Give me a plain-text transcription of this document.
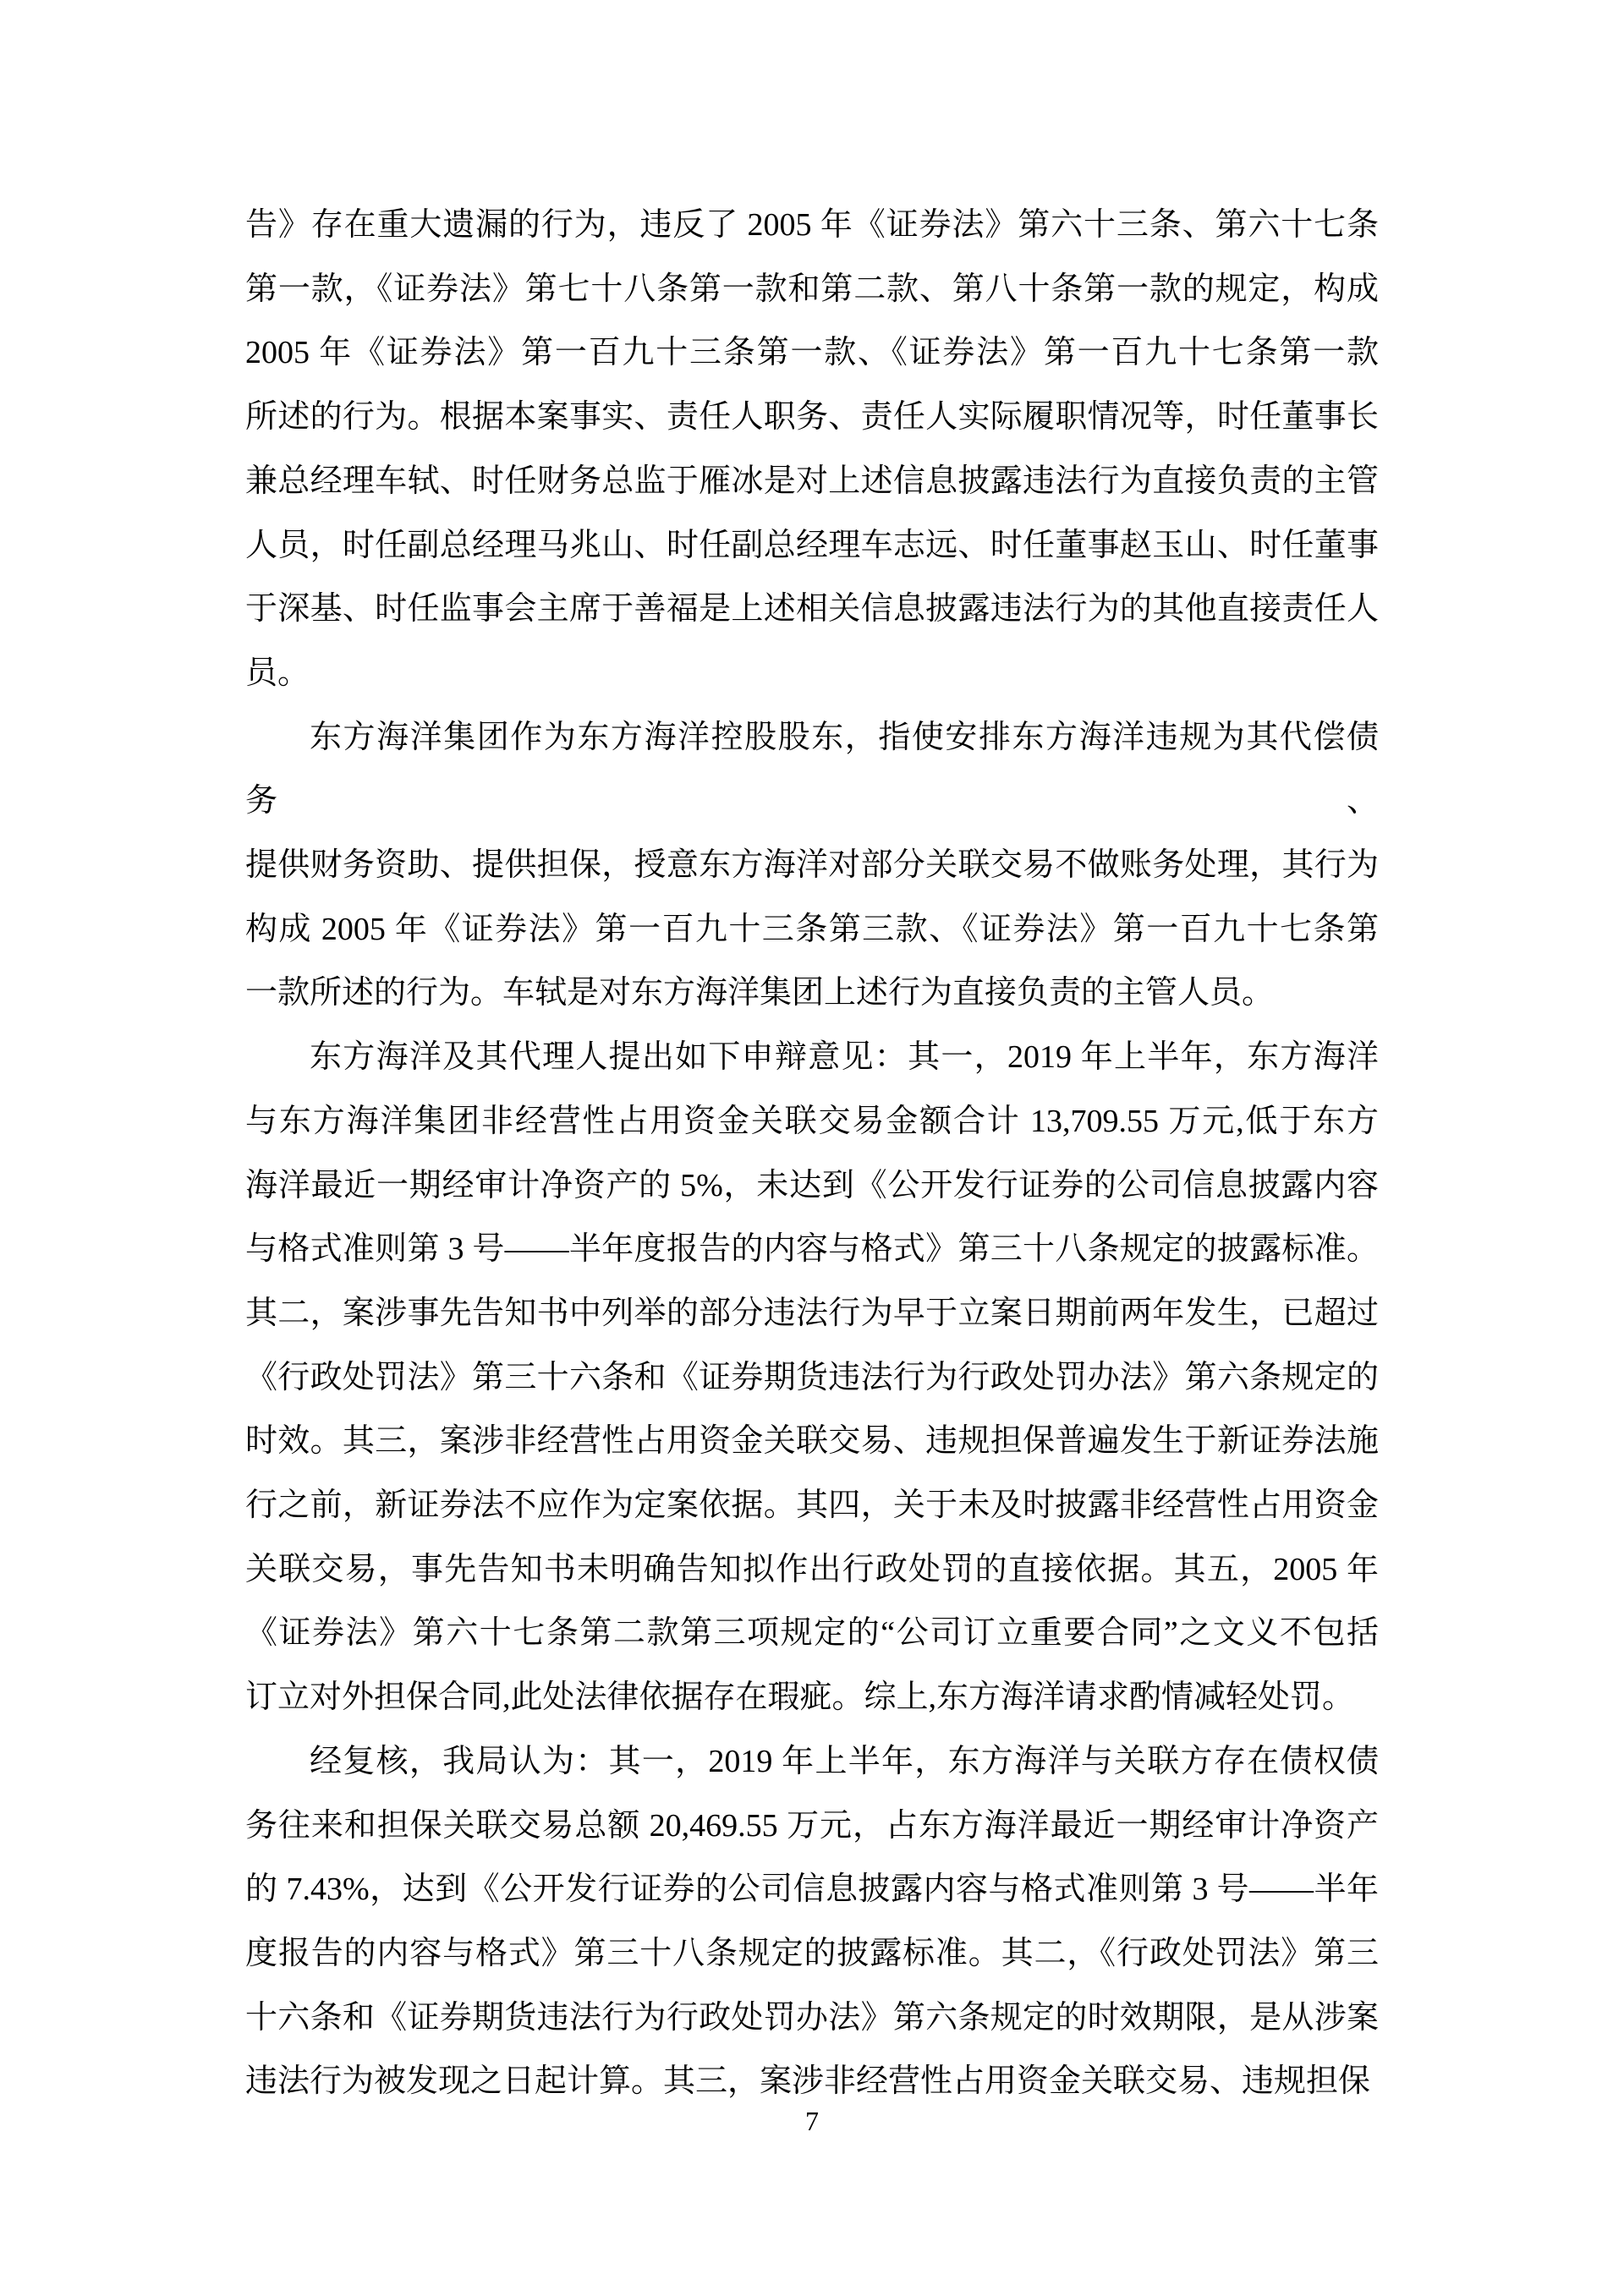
告》存在重大遗漏的行为，违反了 2005 年《证券法》第六十三条、第六十七条
第一款，《证券法》第七十八条第一款和第二款、第八十条第一款的规定，构成
2005 年《证券法》第一百九十三条第一款、《证券法》第一百九十七条第一款
所述的行为。根据本案事实、责任人职务、责任人实际履职情况等，时任董事长
兼总经理车轼、时任财务总监于雁冰是对上述信息披露违法行为直接负责的主管
人员，时任副总经理马兆山、时任副总经理车志远、时任董事赵玉山、时任董事
于深基、时任监事会主席于善福是上述相关信息披露违法行为的其他直接责任人
员。
东方海洋集团作为东方海洋控股股东，指使安排东方海洋违规为其代偿债务、
提供财务资助、提供担保，授意东方海洋对部分关联交易不做账务处理，其行为
构成 2005 年《证券法》第一百九十三条第三款、《证券法》第一百九十七条第
一款所述的行为。车轼是对东方海洋集团上述行为直接负责的主管人员。
东方海洋及其代理人提出如下申辩意见：其一，2019 年上半年，东方海洋
与东方海洋集团非经营性占用资金关联交易金额合计 13,709.55 万元,低于东方
海洋最近一期经审计净资产的 5%，未达到《公开发行证券的公司信息披露内容
与格式准则第 3 号——半年度报告的内容与格式》第三十八条规定的披露标准。
其二，案涉事先告知书中列举的部分违法行为早于立案日期前两年发生，已超过
《行政处罚法》第三十六条和《证券期货违法行为行政处罚办法》第六条规定的
时效。其三，案涉非经营性占用资金关联交易、违规担保普遍发生于新证券法施
行之前，新证券法不应作为定案依据。其四，关于未及时披露非经营性占用资金
关联交易，事先告知书未明确告知拟作出行政处罚的直接依据。其五，2005 年
《证券法》第六十七条第二款第三项规定的“公司订立重要合同”之文义不包括
订立对外担保合同,此处法律依据存在瑕疵。综上,东方海洋请求酌情减轻处罚。
经复核，我局认为：其一，2019 年上半年，东方海洋与关联方存在债权债
务往来和担保关联交易总额 20,469.55 万元，占东方海洋最近一期经审计净资产
的 7.43%，达到《公开发行证券的公司信息披露内容与格式准则第 3 号——半年
度报告的内容与格式》第三十八条规定的披露标准。其二，《行政处罚法》第三
十六条和《证券期货违法行为行政处罚办法》第六条规定的时效期限，是从涉案
违法行为被发现之日起计算。其三，案涉非经营性占用资金关联交易、违规担保
7
